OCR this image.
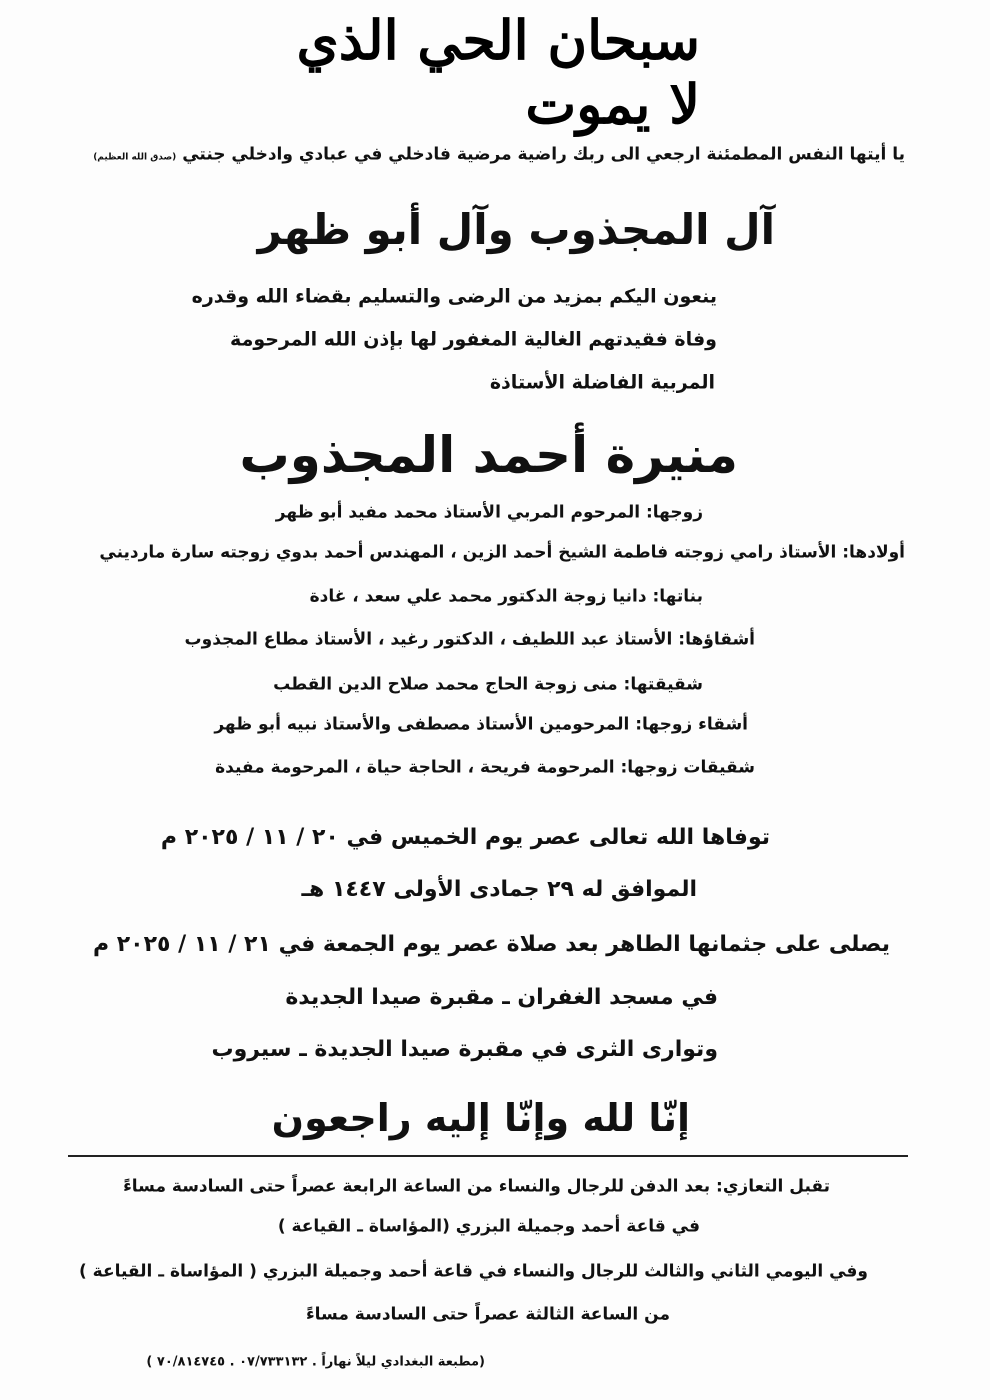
سبحان الحي الذي لا يموت
يا أيتها النفس المطمئنة ارجعي الى ربك راضية مرضية فادخلي في عبادي وادخلي جنتي (صدق الله العظيم)
آل المجذوب وآل أبو ظهر
ينعون اليكم بمزيد من الرضى والتسليم بقضاء الله وقدره
وفاة فقيدتهم الغالية المغفور لها بإذن الله المرحومة
المربية الفاضلة الأستاذة
منيرة أحمد المجذوب
زوجها: المرحوم المربي الأستاذ محمد مفيد أبو ظهر
أولادها: الأستاذ رامي زوجته فاطمة الشيخ أحمد الزين ، المهندس أحمد بدوي زوجته سارة مارديني
بناتها: دانيا زوجة الدكتور محمد علي سعد ، غادة
أشقاؤها: الأستاذ عبد اللطيف ، الدكتور رغيد ، الأستاذ مطاع المجذوب
شقيقتها: منى زوجة الحاج محمد صلاح الدين القطب
أشقاء زوجها: المرحومين الأستاذ مصطفى والأستاذ نبيه أبو ظهر
شقيقات زوجها: المرحومة فريحة ، الحاجة حياة ، المرحومة مفيدة
توفاها الله تعالى عصر يوم الخميس في ٢٠ / ١١ / ٢٠٢٥ م
الموافق له ٢٩ جمادى الأولى ١٤٤٧ هـ
يصلى على جثمانها الطاهر بعد صلاة عصر يوم الجمعة في ٢١ / ١١ / ٢٠٢٥ م
في مسجد الغفران ـ مقبرة صيدا الجديدة
وتوارى الثرى في مقبرة صيدا الجديدة ـ سيروب
إنّا لله وإنّا إليه راجعون
تقبل التعازي: بعد الدفن للرجال والنساء من الساعة الرابعة عصراً حتى السادسة مساءً
في قاعة أحمد وجميلة البزري (المؤاساة ـ القياعة )
وفي اليومي الثاني والثالث للرجال والنساء في قاعة أحمد وجميلة البزري ( المؤاساة ـ القياعة )
من الساعة الثالثة عصراً حتى السادسة مساءً
(مطبعة البغدادي ليلاً نهاراً . ٠٧/٧٣٣١٣٢ . ٧٠/٨١٤٧٤٥ )
